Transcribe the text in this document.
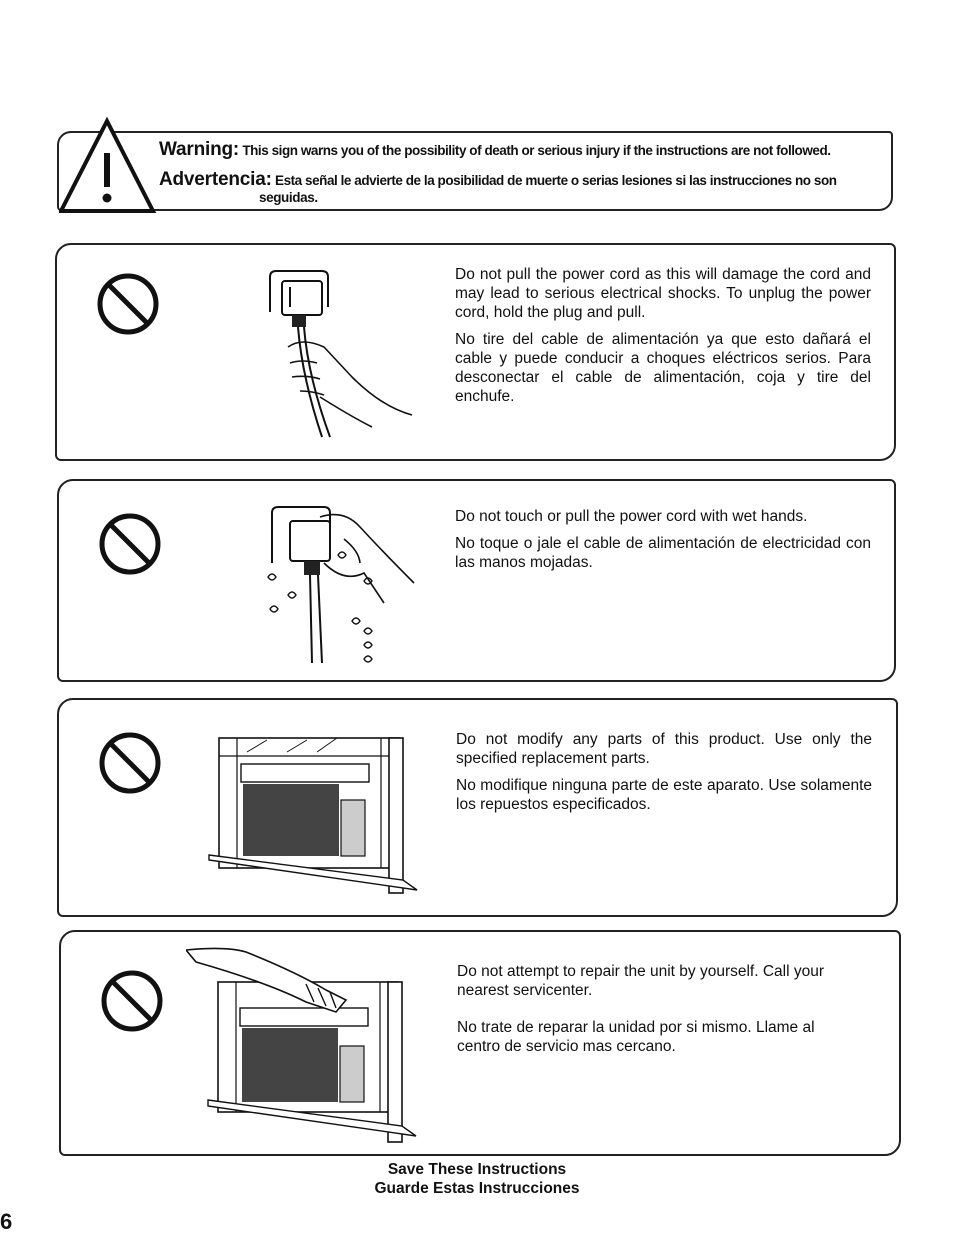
Warning: This sign warns you of the possibility of death or serious injury if the instructions are not followed.
Advertencia: Esta señal le advierte de la posibilidad de muerte o serias lesiones si las instrucciones no son
seguidas.

Do not pull the power cord as this will damage the cord and may lead to serious electrical shocks. To unplug the power cord, hold the plug and pull.

No tire del cable de alimentación ya que esto dañará el cable y puede conducir a choques eléctricos serios. Para desconectar el cable de alimentación, coja y tire del enchufe.

Do not touch or pull the power cord with wet hands.

No toque o jale el cable de alimentación de electricidad con las manos mojadas.

Do not modify any parts of this product. Use only the specified replacement parts.

No modifique ninguna parte de este aparato. Use solamente los repuestos especificados.

Do not attempt to repair the unit by yourself. Call your nearest servicenter.

No trate de reparar la unidad por si mismo. Llame al centro de servicio mas cercano.

Save These Instructions
Guarde Estas Instrucciones
6
